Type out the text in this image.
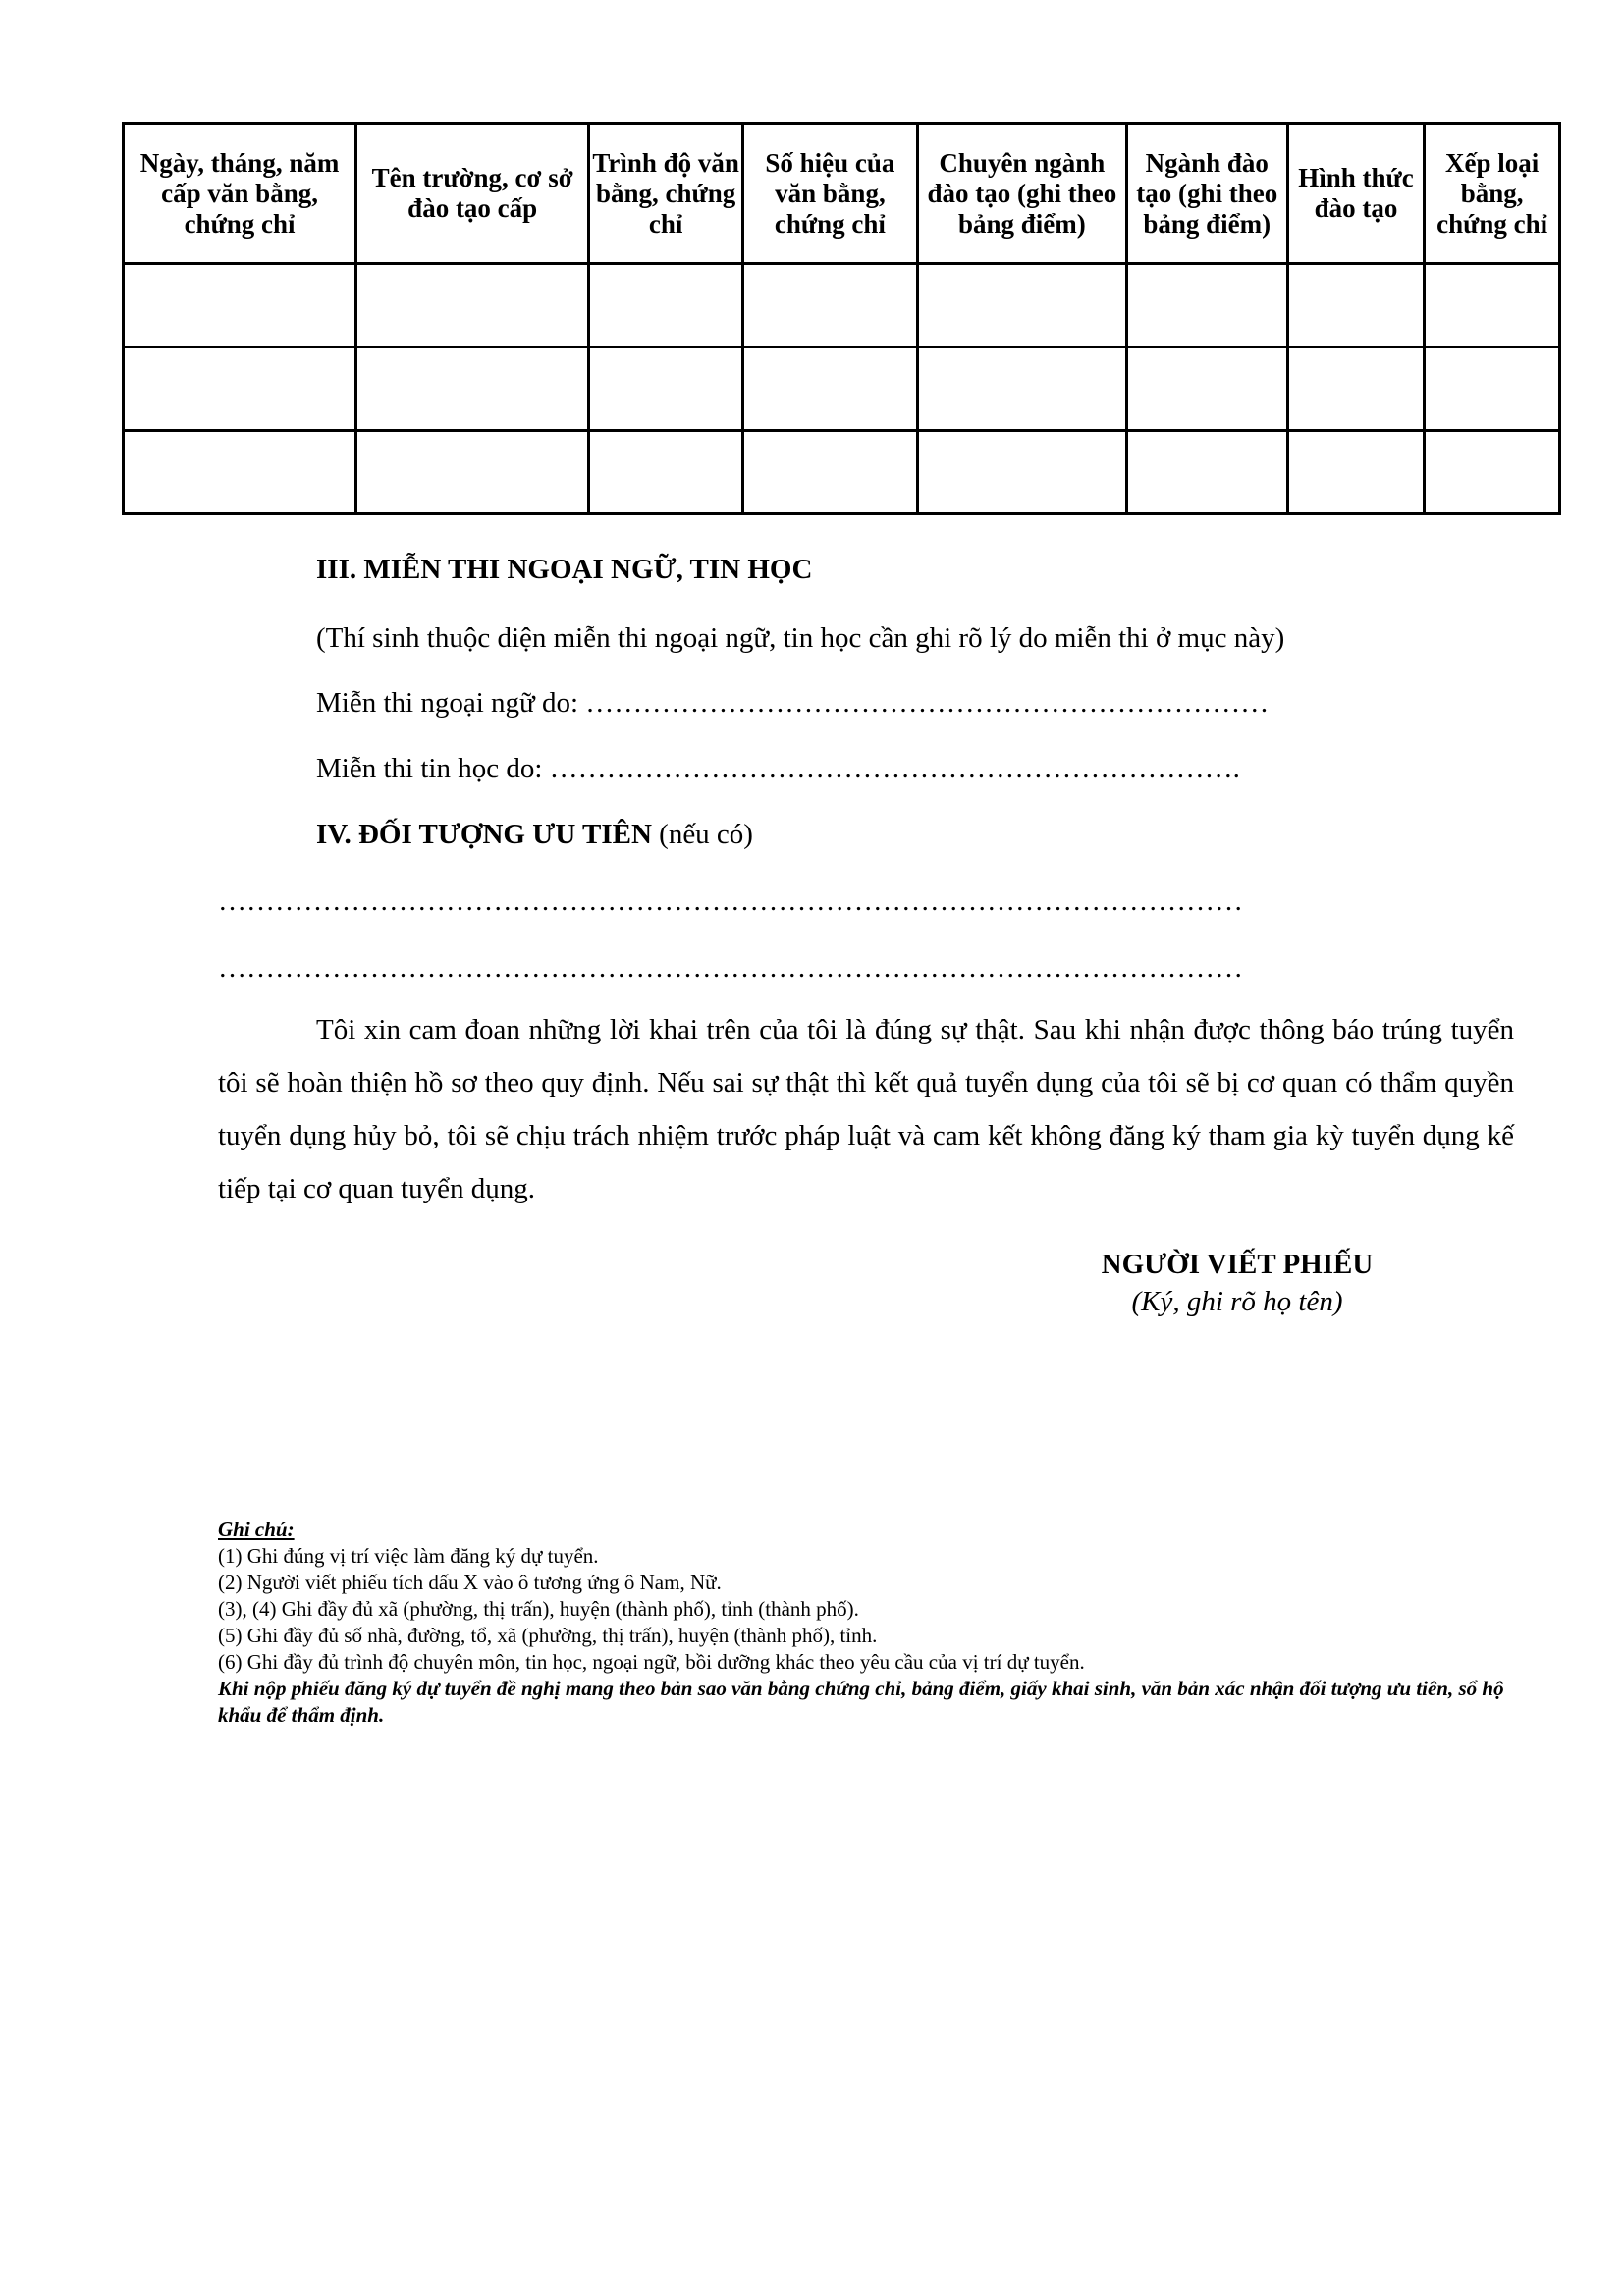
Ngày, tháng, năm cấp văn bằng, chứng chỉ	Tên trường, cơ sở đào tạo cấp	Trình độ văn bằng, chứng chỉ	Số hiệu của văn bằng, chứng chỉ	Chuyên ngành đào tạo (ghi theo bảng điểm)	Ngành đào tạo (ghi theo bảng điểm)	Hình thức đào tạo	Xếp loại bằng, chứng chỉ

III. MIỄN THI NGOẠI NGỮ, TIN HỌC
(Thí sinh thuộc diện miễn thi ngoại ngữ, tin học cần ghi rõ lý do miễn thi ở mục này)
Miễn thi ngoại ngữ do: ………………………………………………………………
Miễn thi tin học do: ……………………………………………………………….
IV. ĐỐI TƯỢNG ƯU TIÊN (nếu có)
………………………………………………………………………………………………
………………………………………………………………………………………………
Tôi xin cam đoan những lời khai trên của tôi là đúng sự thật. Sau khi nhận được thông báo trúng tuyển tôi sẽ hoàn thiện hồ sơ theo quy định. Nếu sai sự thật thì kết quả tuyển dụng của tôi sẽ bị cơ quan có thẩm quyền tuyển dụng hủy bỏ, tôi sẽ chịu trách nhiệm trước pháp luật và cam kết không đăng ký tham gia kỳ tuyển dụng kế tiếp tại cơ quan tuyển dụng.
NGƯỜI VIẾT PHIẾU
(Ký, ghi rõ họ tên)
Ghi chú:
(1) Ghi đúng vị trí việc làm đăng ký dự tuyển.
(2) Người viết phiếu tích dấu X vào ô tương ứng ô Nam, Nữ.
(3), (4) Ghi đầy đủ xã (phường, thị trấn), huyện (thành phố), tỉnh (thành phố).
(5) Ghi đầy đủ số nhà, đường, tổ, xã (phường, thị trấn), huyện (thành phố), tỉnh.
(6) Ghi đầy đủ trình độ chuyên môn, tin học, ngoại ngữ, bồi dưỡng khác theo yêu cầu của vị trí dự tuyển.
Khi nộp phiếu đăng ký dự tuyển đề nghị mang theo bản sao văn bằng chứng chỉ, bảng điểm, giấy khai sinh, văn bản xác nhận đối tượng ưu tiên, sổ hộ khẩu để thẩm định.
